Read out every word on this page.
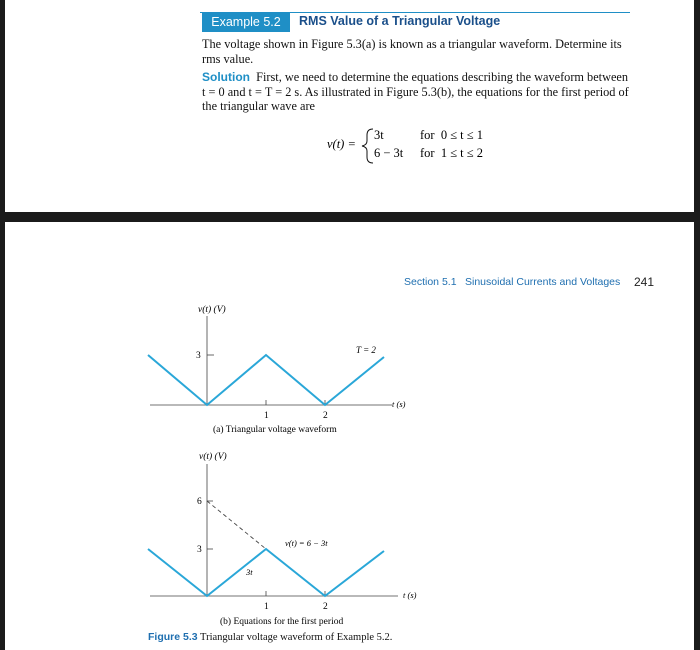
Example 5.2	RMS Value of a Triangular Voltage
The voltage shown in Figure 5.3(a) is known as a triangular waveform. Determine its rms value.
Solution First, we need to determine the equations describing the waveform between t = 0 and t = T = 2 s. As illustrated in Figure 5.3(b), the equations for the first period of the triangular wave are
v(t) =
3t	for  0 ≤ t ≤ 1
6 − 3t for  1 ≤ t ≤ 2
Section 5.1 Sinusoidal Currents and Voltages 241
v(t) (V)
3
1	2
T = 2
t (s)
(a) Triangular voltage waveform
v(t) (V)
6
3
1	2
3t
v(t) = 6 − 3t
t (s)
(b) Equations for the first period
Figure 5.3 Triangular voltage waveform of Example 5.2.
